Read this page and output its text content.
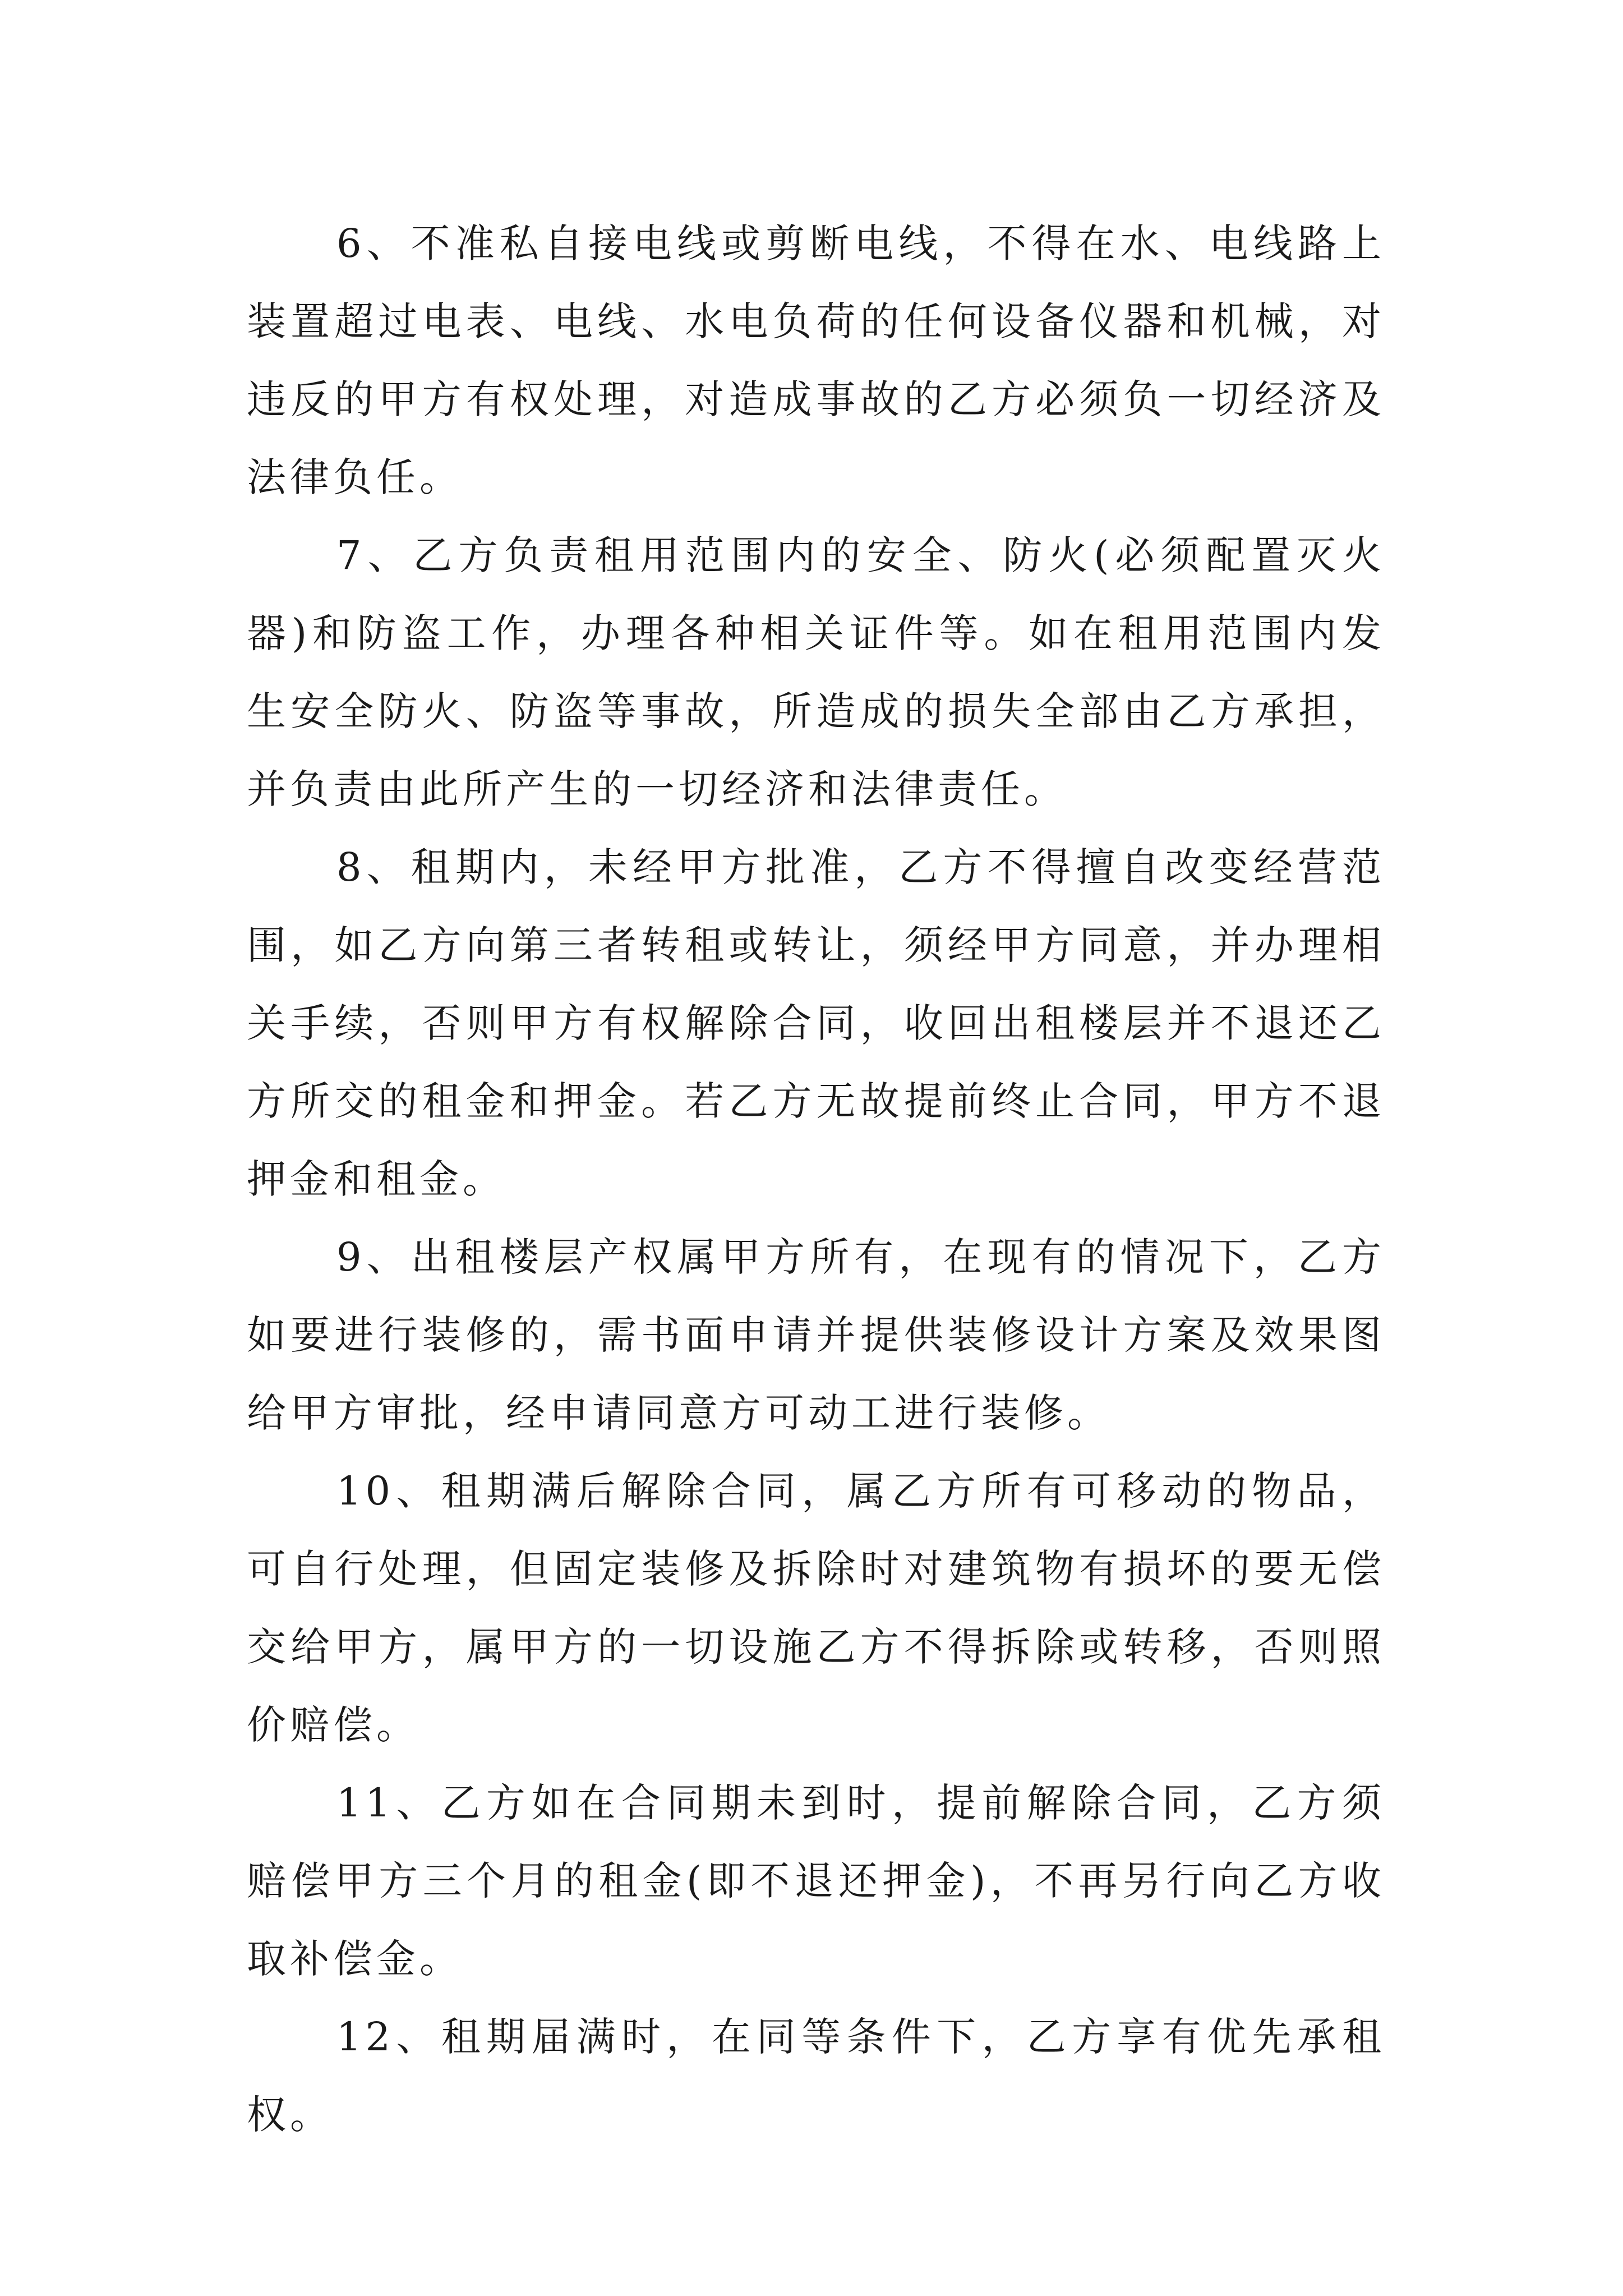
6、不准私自接电线或剪断电线，不得在水、电线路上装置超过电表、电线、水电负荷的任何设备仪器和机械，对违反的甲方有权处理，对造成事故的乙方必须负一切经济及法律负任。

7、乙方负责租用范围内的安全、防火(必须配置灭火器)和防盗工作，办理各种相关证件等。如在租用范围内发生安全防火、防盗等事故，所造成的损失全部由乙方承担，并负责由此所产生的一切经济和法律责任。

8、租期内，未经甲方批准，乙方不得擅自改变经营范围，如乙方向第三者转租或转让，须经甲方同意，并办理相关手续，否则甲方有权解除合同，收回出租楼层并不退还乙方所交的租金和押金。若乙方无故提前终止合同，甲方不退押金和租金。

9、出租楼层产权属甲方所有，在现有的情况下，乙方如要进行装修的，需书面申请并提供装修设计方案及效果图给甲方审批，经申请同意方可动工进行装修。

10、租期满后解除合同，属乙方所有可移动的物品，可自行处理，但固定装修及拆除时对建筑物有损坏的要无偿交给甲方，属甲方的一切设施乙方不得拆除或转移，否则照价赔偿。

11、乙方如在合同期未到时，提前解除合同，乙方须赔偿甲方三个月的租金(即不退还押金)，不再另行向乙方收取补偿金。

12、租期届满时，在同等条件下，乙方享有优先承租权。
